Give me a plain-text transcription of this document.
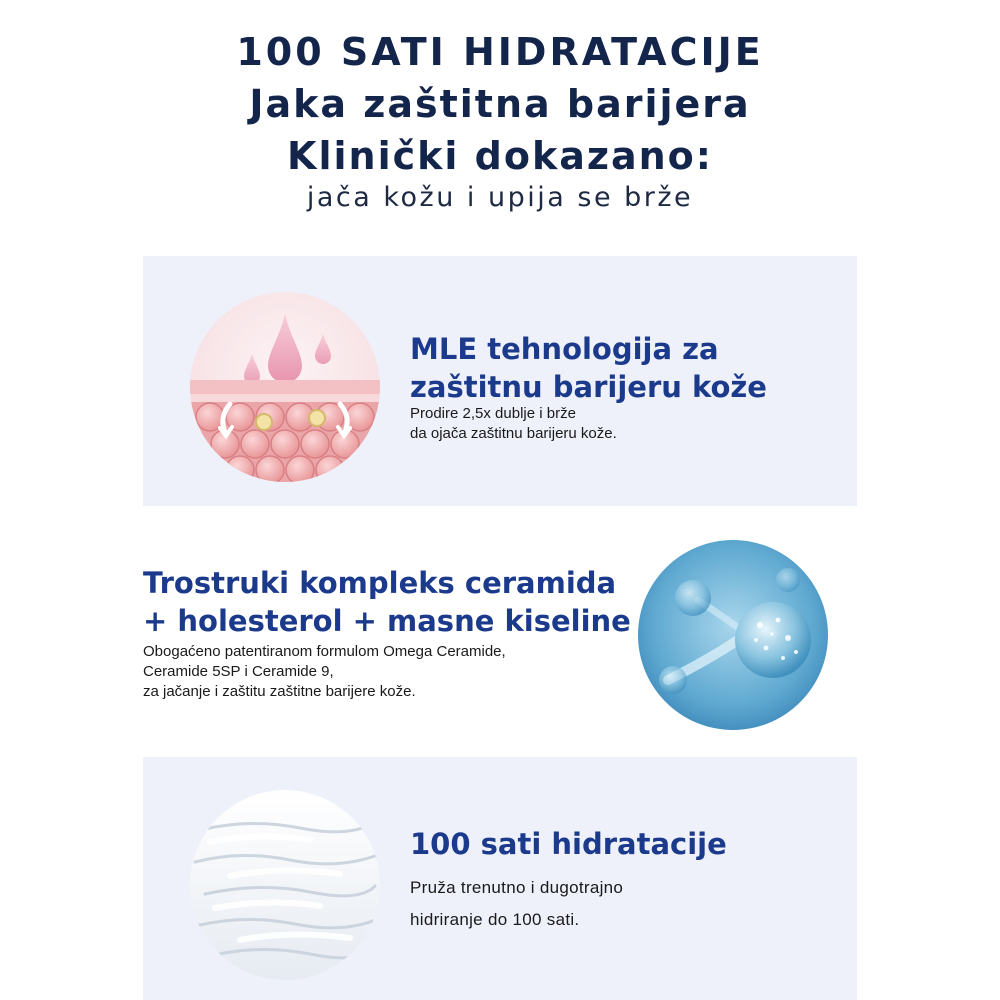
100 SATI HIDRATACIJE
Jaka zaštitna barijera
Klinički dokazano:
jača kožu i upija se brže
MLE tehnologija za
zaštitnu barijeru kože
Prodire 2,5x dublje i brže
da ojača zaštitnu barijeru kože.
Trostruki kompleks ceramida
+ holesterol + masne kiseline
Obogaćeno patentiranom formulom Omega Ceramide,
Ceramide 5SP i Ceramide 9,
za jačanje i zaštitu zaštitne barijere kože.
100 sati hidratacije
Pruža trenutno i dugotrajno
hidriranje do 100 sati.
